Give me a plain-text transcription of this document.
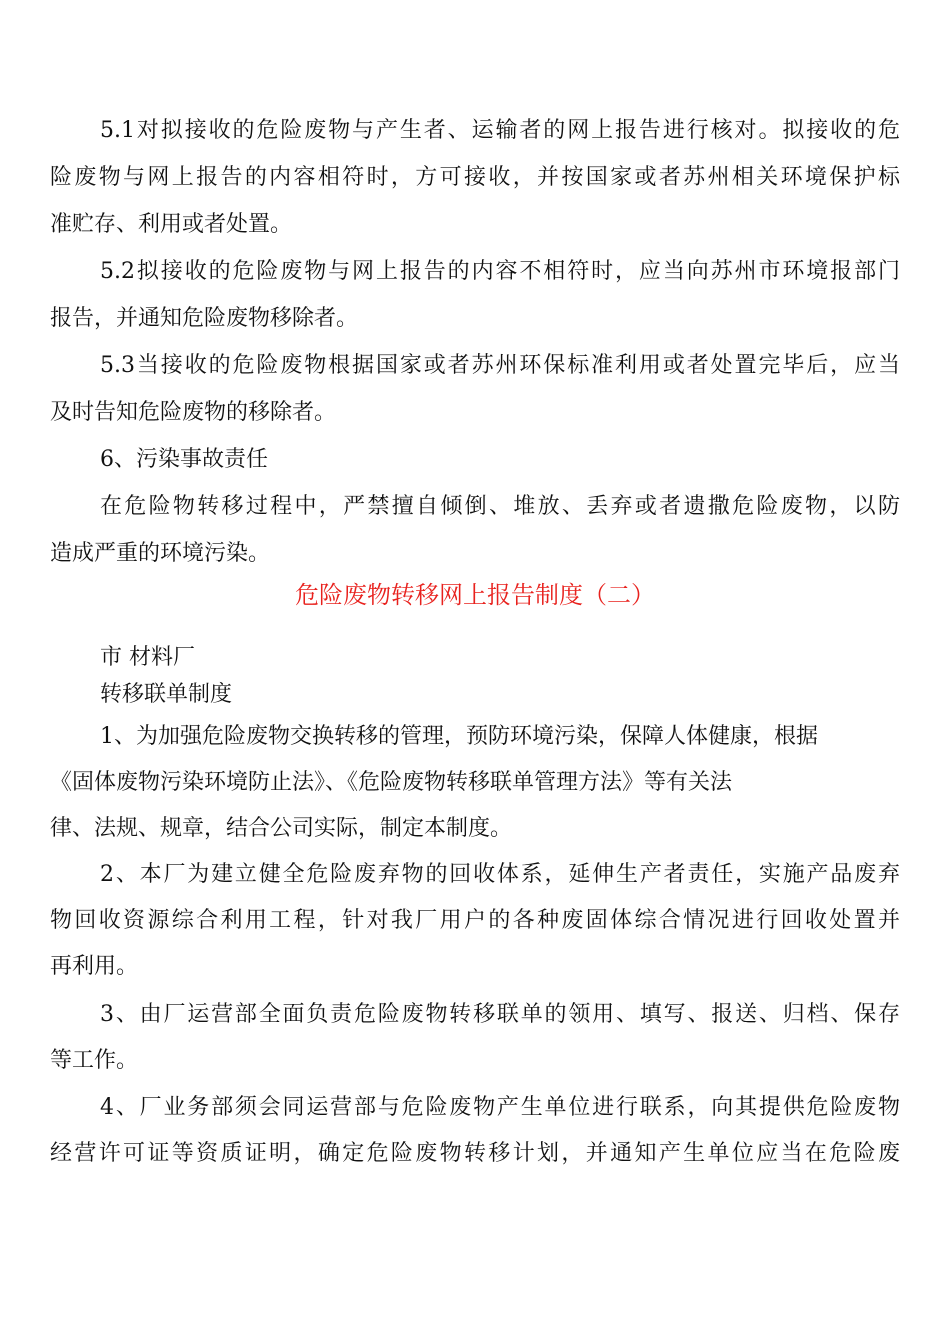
5.1对拟接收的危险废物与产生者、运输者的网上报告进行核对。拟接收的危
险废物与网上报告的内容相符时，方可接收，并按国家或者苏州相关环境保护标
准贮存、利用或者处置。
5.2拟接收的危险废物与网上报告的内容不相符时，应当向苏州市环境报部门
报告，并通知危险废物移除者。
5.3当接收的危险废物根据国家或者苏州环保标准利用或者处置完毕后，应当
及时告知危险废物的移除者。
6、污染事故责任
在危险物转移过程中，严禁擅自倾倒、堆放、丢弃或者遗撒危险废物，以防
造成严重的环境污染。
危险废物转移网上报告制度（二）
市 材料厂
转移联单制度
1、为加强危险废物交换转移的管理，预防环境污染，保障人体健康，根据
《固体废物污染环境防止法》、《危险废物转移联单管理方法》等有关法
律、法规、规章，结合公司实际，制定本制度。
2、本厂为建立健全危险废弃物的回收体系，延伸生产者责任，实施产品废弃
物回收资源综合利用工程，针对我厂用户的各种废固体综合情况进行回收处置并
再利用。
3、由厂运营部全面负责危险废物转移联单的领用、填写、报送、归档、保存
等工作。
4、厂业务部须会同运营部与危险废物产生单位进行联系，向其提供危险废物
经营许可证等资质证明，确定危险废物转移计划，并通知产生单位应当在危险废
